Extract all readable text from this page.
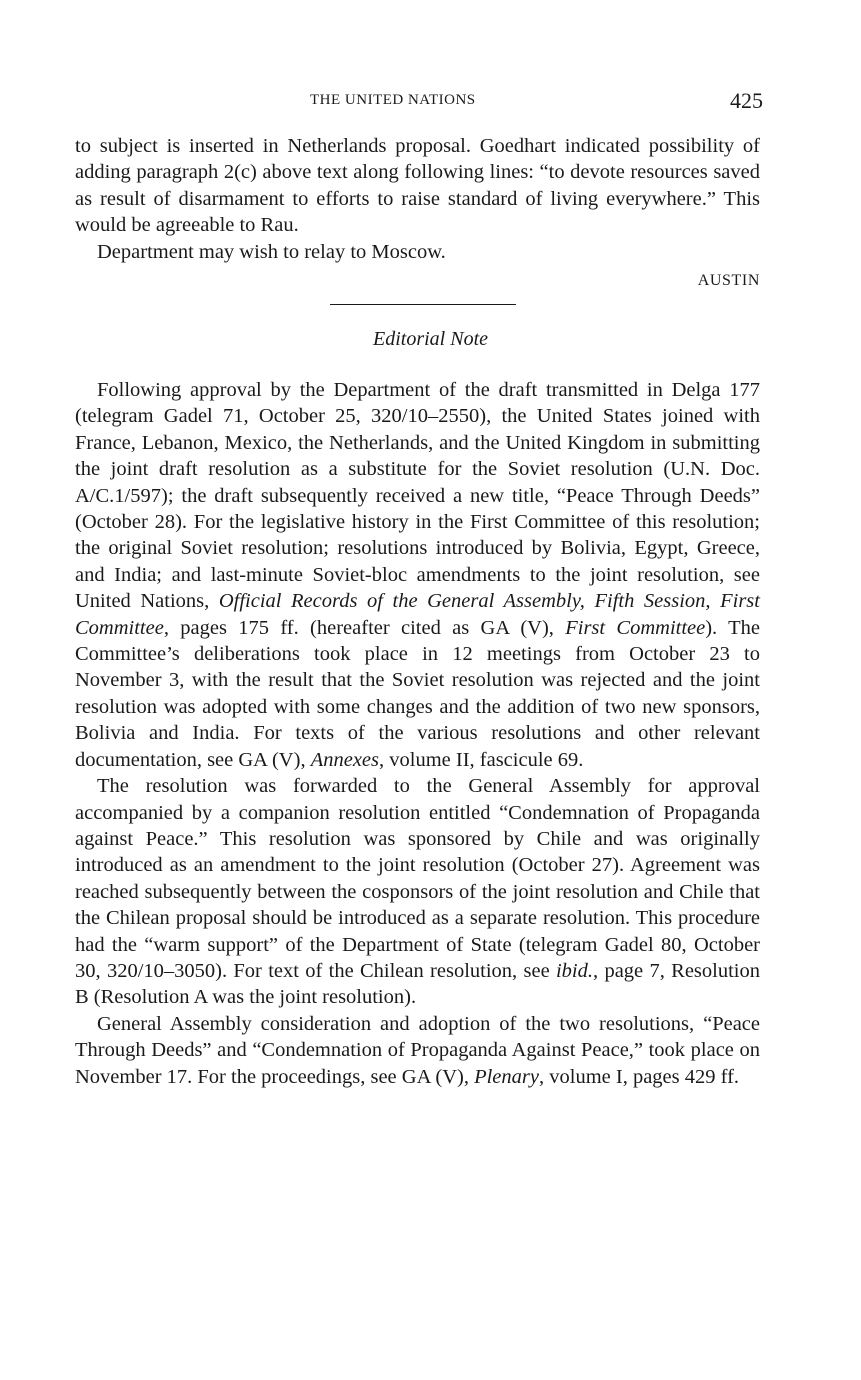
THE UNITED NATIONS	425

to subject is inserted in Netherlands proposal. Goedhart indicated possibility of adding paragraph 2(c) above text along following lines: “to devote resources saved as result of disarmament to efforts to raise standard of living everywhere.” This would be agreeable to Rau.

Department may wish to relay to Moscow.

AUSTIN
Editorial Note

Following approval by the Department of the draft transmitted in Delga 177 (telegram Gadel 71, October 25, 320/10–2550), the United States joined with France, Lebanon, Mexico, the Netherlands, and the United Kingdom in submitting the joint draft resolution as a substitute for the Soviet resolution (U.N. Doc. A/C.1/597); the draft subsequently received a new title, “Peace Through Deeds” (October 28). For the legislative history in the First Committee of this resolution; the original Soviet resolution; resolutions introduced by Bolivia, Egypt, Greece, and India; and last-minute Soviet-bloc amendments to the joint resolution, see United Nations, Official Records of the General Assembly, Fifth Session, First Committee, pages 175 ff. (hereafter cited as GA (V), First Committee). The Committee’s deliberations took place in 12 meetings from October 23 to November 3, with the result that the Soviet resolution was rejected and the joint resolution was adopted with some changes and the addition of two new sponsors, Bolivia and India. For texts of the various resolutions and other relevant documentation, see GA (V), Annexes, volume II, fascicule 69.

The resolution was forwarded to the General Assembly for approval accompanied by a companion resolution entitled “Condemnation of Propaganda against Peace.” This resolution was sponsored by Chile and was originally introduced as an amendment to the joint resolution (October 27). Agreement was reached subsequently between the cosponsors of the joint resolution and Chile that the Chilean proposal should be introduced as a separate resolution. This procedure had the “warm support” of the Department of State (telegram Gadel 80, October 30, 320/10–3050). For text of the Chilean resolution, see ibid., page 7, Resolution B (Resolution A was the joint resolution).

General Assembly consideration and adoption of the two resolutions, “Peace Through Deeds” and “Condemnation of Propaganda Against Peace,” took place on November 17. For the proceedings, see GA (V), Plenary, volume I, pages 429 ff.
